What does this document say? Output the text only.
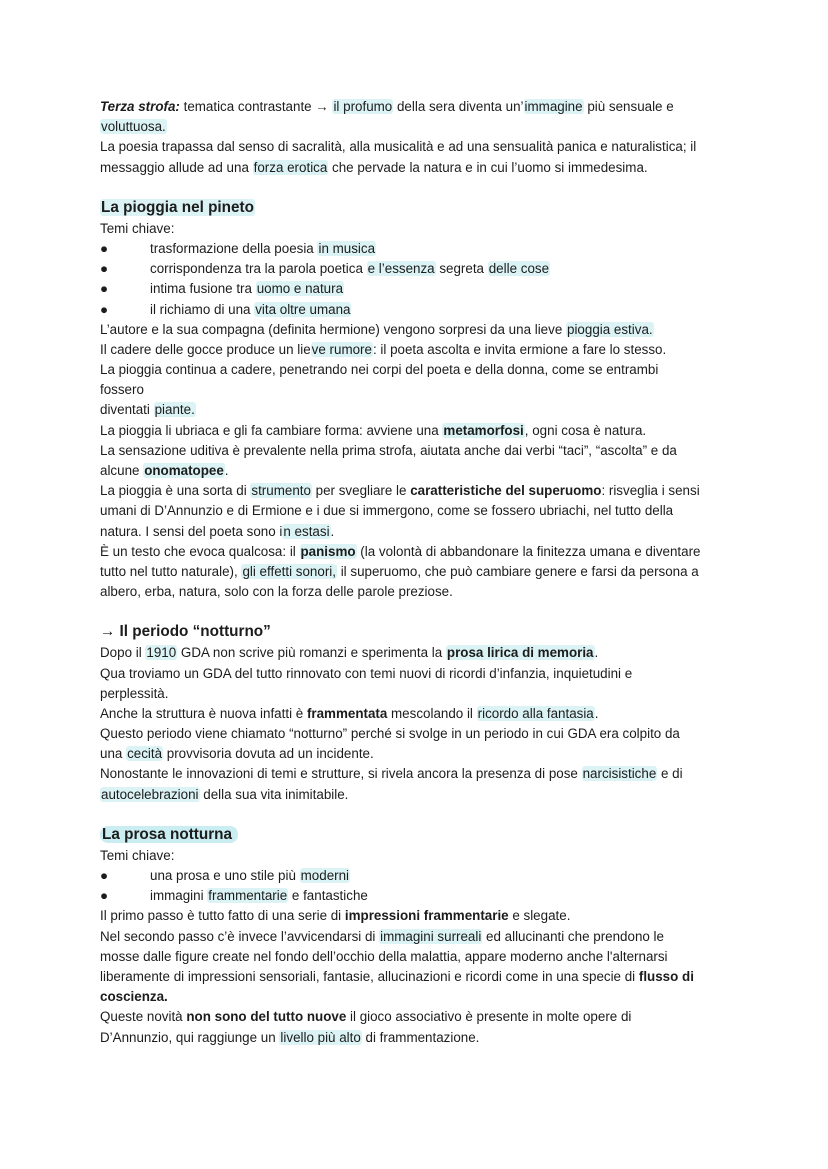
Terza strofa: tematica contrastante → il profumo della sera diventa un’immagine più sensuale e
voluttuosa.
La poesia trapassa dal senso di sacralità, alla musicalità e ad una sensualità panica e naturalistica; il
messaggio allude ad una forza erotica che pervade la natura e in cui l’uomo si immedesima.
La pioggia nel pineto
Temi chiave:
●	trasformazione della poesia in musica
●	corrispondenza tra la parola poetica e l’essenza segreta delle cose
●	intima fusione tra uomo e natura
●	il richiamo di una vita oltre umana
L’autore e la sua compagna (definita hermione) vengono sorpresi da una lieve pioggia estiva.
Il cadere delle gocce produce un lieve rumore: il poeta ascolta e invita ermione a fare lo stesso.
La pioggia continua a cadere, penetrando nei corpi del poeta e della donna, come se entrambi
fossero
diventati piante.
La pioggia li ubriaca e gli fa cambiare forma: avviene una metamorfosi, ogni cosa è natura.
La sensazione uditiva è prevalente nella prima strofa, aiutata anche dai verbi “taci”, “ascolta” e da
alcune onomatopee.
La pioggia è una sorta di strumento per svegliare le caratteristiche del superuomo: risveglia i sensi
umani di D’Annunzio e di Ermione e i due si immergono, come se fossero ubriachi, nel tutto della
natura. I sensi del poeta sono in estasi.
È un testo che evoca qualcosa: il panismo (la volontà di abbandonare la finitezza umana e diventare
tutto nel tutto naturale), gli effetti sonori, il superuomo, che può cambiare genere e farsi da persona a
albero, erba, natura, solo con la forza delle parole preziose.
→ Il periodo “notturno”
Dopo il 1910 GDA non scrive più romanzi e sperimenta la prosa lirica di memoria.
Qua troviamo un GDA del tutto rinnovato con temi nuovi di ricordi d’infanzia, inquietudini e
perplessità.
Anche la struttura è nuova infatti è frammentata mescolando il ricordo alla fantasia.
Questo periodo viene chiamato “notturno” perché si svolge in un periodo in cui GDA era colpito da
una cecità provvisoria dovuta ad un incidente.
Nonostante le innovazioni di temi e strutture, si rivela ancora la presenza di pose narcisistiche e di
autocelebrazioni della sua vita inimitabile.
La prosa notturna
Temi chiave:
●	una prosa e uno stile più moderni
●	immagini frammentarie e fantastiche
Il primo passo è tutto fatto di una serie di impressioni frammentarie e slegate.
Nel secondo passo c’è invece l’avvicendarsi di immagini surreali ed allucinanti che prendono le
mosse dalle figure create nel fondo dell’occhio della malattia, appare moderno anche l'alternarsi
liberamente di impressioni sensoriali, fantasie, allucinazioni e ricordi come in una specie di flusso di
coscienza.
Queste novità non sono del tutto nuove il gioco associativo è presente in molte opere di
D’Annunzio, qui raggiunge un livello più alto di frammentazione.
